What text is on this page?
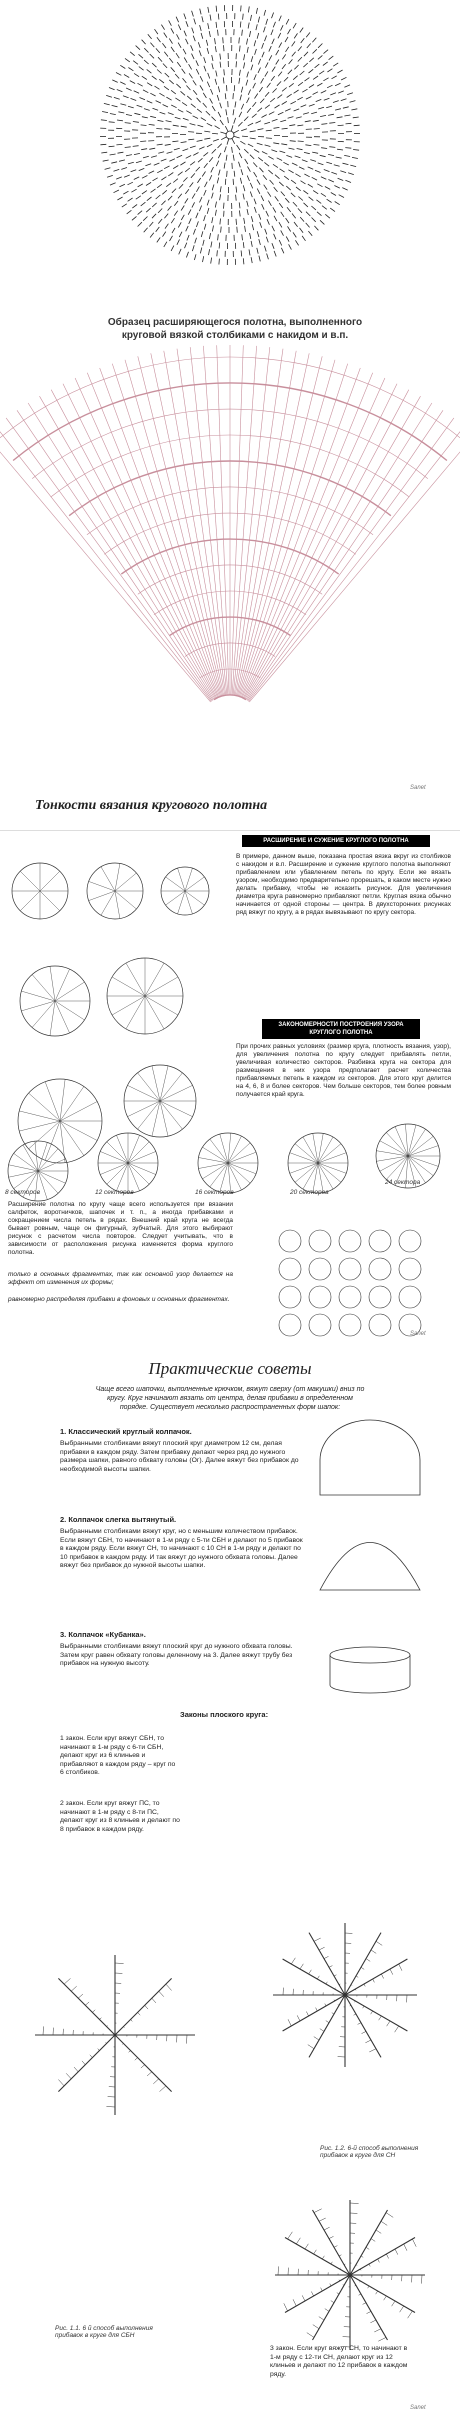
Образец расширяющегося полотна, выполненного круговой вязкой столбиками с накидом и в.п.
Sanet
Тонкости вязания кругового полотна
РАСШИРЕНИЕ И СУЖЕНИЕ КРУГЛОГО ПОЛОТНА
В примере, данном выше, показана простая вязка вкруг из столбиков с накидом и в.п. Расширение и сужение круглого полотна выполняют прибавлением или убавлением петель по кругу. Если же вязать узором, необходимо предварительно прорешать, в каком месте нужно делать прибавку, чтобы не исказить рисунок. Для увеличения диаметра круга равномерно прибавляют петли. Круглая вязка обычно начинается от одной стороны — центра. В двухсторонних рисунках ряд вяжут по кругу, а в рядах вывязывают по кругу сектора.
ЗАКОНОМЕРНОСТИ ПОСТРОЕНИЯ УЗОРА КРУГЛОГО ПОЛОТНА
При прочих равных условиях (размер круга, плотность вязания, узор), для увеличения полотна по кругу следует прибавлять петли, увеличивая количество секторов. Разбивка круга на сектора для размещения в них узора предполагает расчет количества прибавляемых петель в каждом из секторов. Для этого круг делится на 4, 6, 8 и более секторов. Чем больше секторов, тем более ровным получается край круга.
8 секторов	12 секторов	16 секторов	20 секторов
24 сектора
Расширение полотна по кругу чаще всего используется при вязании салфеток, воротничков, шапочек и т. п., а иногда прибавками и сокращением числа петель в рядах. Внешний край круга не всегда бывает ровным, чаще он фигурный, зубчатый. Для этого выбирают рисунок с расчетом числа повторов. Следует учитывать, что в зависимости от расположения рисунка изменяется форма круглого полотна.
только в основных фрагментах, так как основной узор делается на эффект от изменения их формы;
равномерно распределяя прибавки в фоновых и основных фрагментах.
Sanet
Практические советы
Чаще всего шапочки, выполненные крючком, вяжут сверху (от макушки) вниз по кругу. Круг начинают вязать от центра, делая прибавки в определенном порядке. Существует несколько распространенных форм шапок:
1. Классический круглый колпачок.
Выбранными столбиками вяжут плоский круг диаметром 12 см, делая прибавки в каждом ряду. Затем прибавку делают через ряд до нужного размера шапки, равного обхвату головы (Ог). Далее вяжут без прибавок до необходимой высоты шапки.
2. Колпачок слегка вытянутый.
Выбранными столбиками вяжут круг, но с меньшим количеством прибавок. Если вяжут СБН, то начинают в 1-м ряду с 5-ти СБН и делают по 5 прибавок в каждом ряду. Если вяжут СН, то начинают с 10 СН в 1-м ряду и делают по 10 прибавок в каждом ряду. И так вяжут до нужного обхвата головы. Далее вяжут без прибавок до нужной высоты шапки.
3. Колпачок «Кубанка».
Выбранными столбиками вяжут плоский круг до нужного обхвата головы. Затем круг равен обхвату головы деленному на 3. Далее вяжут трубу без прибавок на нужную высоту.
Законы плоского круга:
1 закон. Если круг вяжут СБН, то начинают в 1-м ряду с 6-ти СБН, делают круг из 6 клиньев и прибавляют в каждом ряду – круг по 6 столбиков.
2 закон. Если круг вяжут ПС, то начинают в 1-м ряду с 8-ти ПС, делают круг из 8 клиньев и делают по 8 прибавок в каждом ряду.
Рис. 1.1. 6 й способ выполнения прибавок в круге для СБН
Рис. 1.2. 6-й способ выполнения прибавок в круге для СН
3 закон. Если круг вяжут СН, то начинают в 1-м ряду с 12-ти СН, делают круг из 12 клиньев и делают по 12 прибавок в каждом ряду.
Sanet
